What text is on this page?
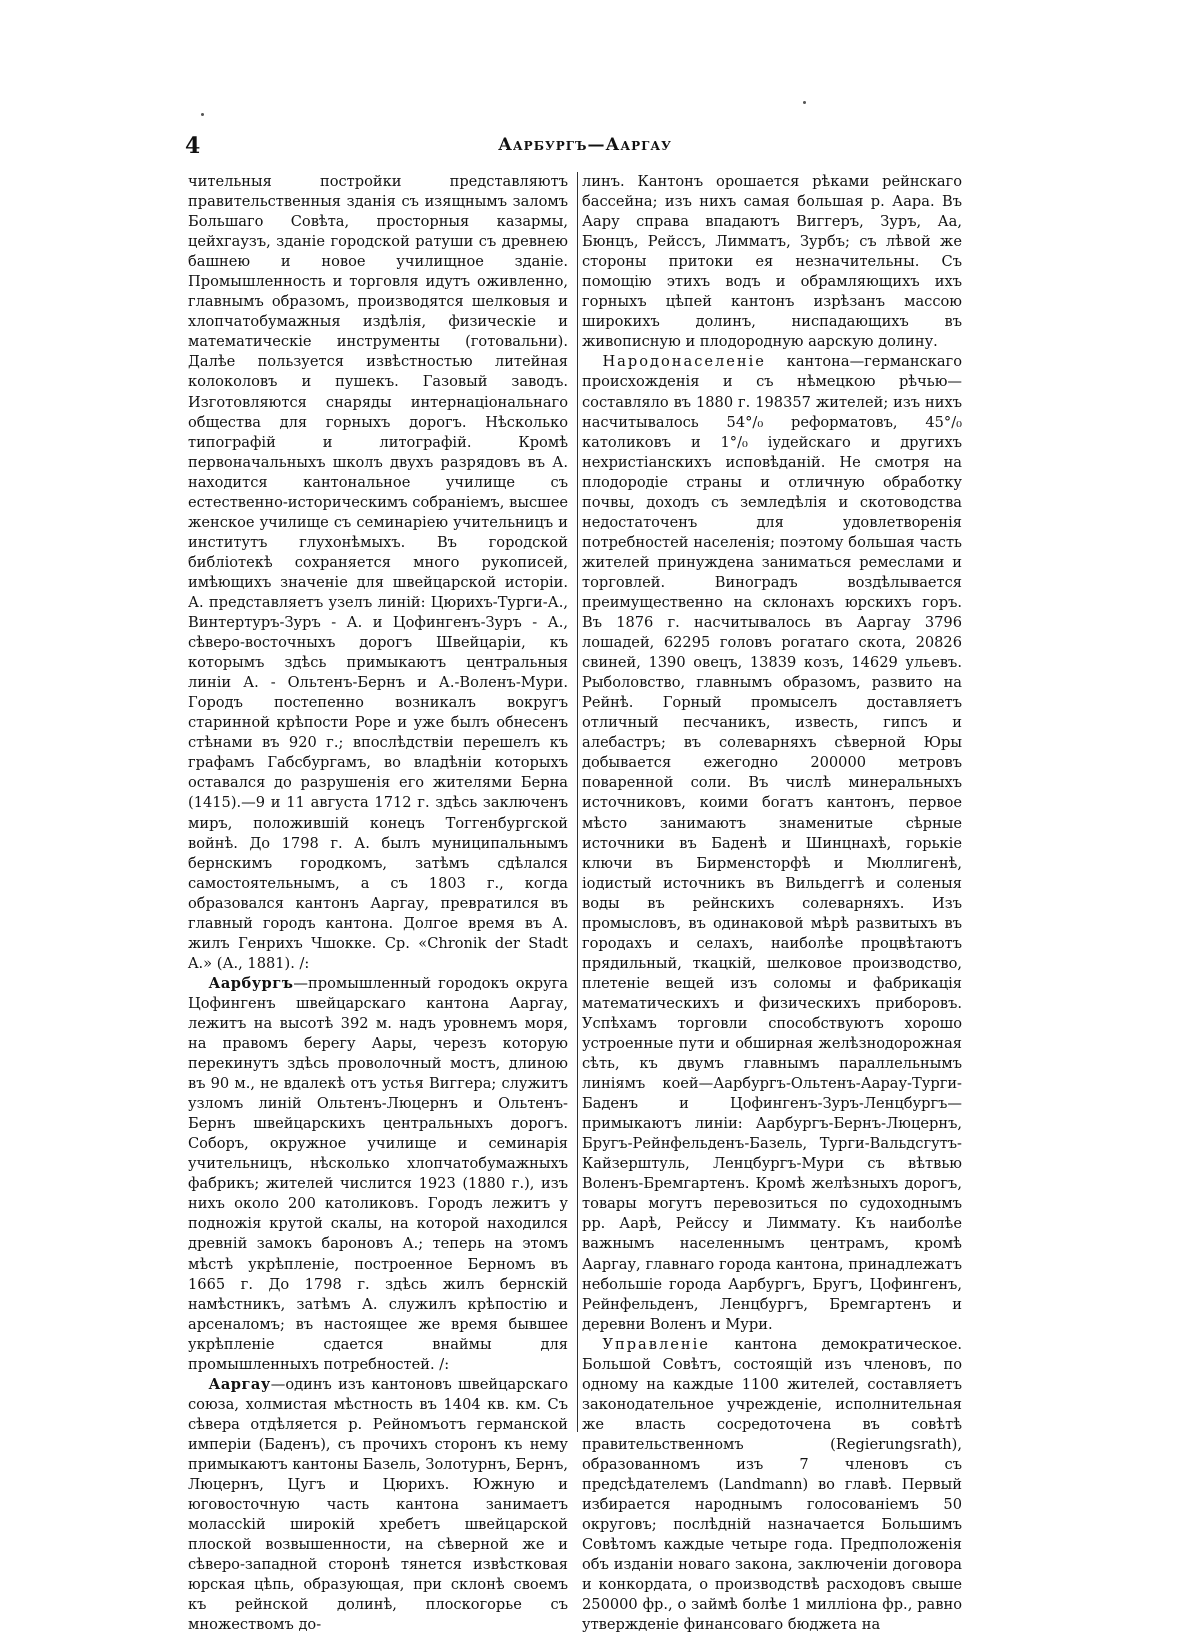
4	Аарбургъ—Ааргау

чительныя постройки представляютъ правительственныя зданія съ изящнымъ заломъ Большаго Совѣта, просторныя казармы, цейхгаузъ, зданіе городской ратуши съ древнею башнею и новое училищное зданіе. Промышленность и торговля идутъ оживленно, главнымъ образомъ, производятся шелковыя и хлопчатобумажныя издѣлія, физическіе и математическіе инструменты (готовальни). Далѣе пользуется извѣстностью литейная колоколовъ и пушекъ. Газовый заводъ. Изготовляются снаряды интернаціональнаго общества для горныхъ дорогъ. Нѣсколько типографій и литографій. Кромѣ первоначальныхъ школъ двухъ разрядовъ въ А. находится кантональное училище съ естественно-историческимъ собраніемъ, высшее женское училище съ семинаріею учительницъ и институтъ глухонѣмыхъ. Въ городской библіотекѣ сохраняется много рукописей, имѣющихъ значеніе для швейцарской исторіи. А. представляетъ узелъ линій: Цюрихъ-Турги-А., Винтертуръ-Зуръ - А. и Цофингенъ-Зуръ - А., сѣверо-восточныхъ дорогъ Швейцаріи, къ которымъ здѣсь примыкаютъ центральныя линіи А. - Ольтенъ-Бернъ и А.-Воленъ-Мури. Городъ постепенно возникалъ вокругъ старинной крѣпости Pope и уже былъ обнесенъ стѣнами въ 920 г.; впослѣдствіи перешелъ къ графамъ Габсбургамъ, во владѣніи которыхъ оставался до разрушенія его жителями Берна (1415).—9 и 11 августа 1712 г. здѣсь заключенъ миръ, положившій конецъ Тоггенбургской войнѣ. До 1798 г. А. былъ муниципальнымъ бернскимъ городкомъ, затѣмъ сдѣлался самостоятельнымъ, а съ 1803 г., когда образовался кантонъ Ааргау, превратился въ главный городъ кантона. Долгое время въ А. жилъ Генрихъ Чшокке. Ср. «Chronik der Stadt A.» (А., 1881). /:

Аарбургъ—промышленный городокъ округа Цофингенъ швейцарскаго кантона Ааргау, лежитъ на высотѣ 392 м. надъ уровнемъ моря, на правомъ берегу Аары, черезъ которую перекинутъ здѣсь проволочный мостъ, длиною въ 90 м., не вдалекѣ отъ устья Виггера; служитъ узломъ линій Ольтенъ-Люцернъ и Ольтенъ-Бернъ швейцарскихъ центральныхъ дорогъ. Соборъ, окружное училище и семинарія учительницъ, нѣсколько хлопчатобумажныхъ фабрикъ; жителей числится 1923 (1880 г.), изъ нихъ около 200 католиковъ. Городъ лежитъ у подножія крутой скалы, на которой находился древній замокъ бароновъ А.; теперь на этомъ мѣстѣ укрѣпленіе, построенное Берномъ въ 1665 г. До 1798 г. здѣсь жилъ бернскій намѣстникъ, затѣмъ А. служилъ крѣпостію и арсеналомъ; въ настоящее же время бывшее укрѣпленіе сдается внаймы для промышленныхъ потребностей. /:

Ааргау—одинъ изъ кантоновъ швейцарскаго союза, холмистая мѣстность въ 1404 кв. км. Съ сѣвера отдѣляется р. Рейномъотъ германской имперіи (Баденъ), съ прочихъ сторонъ къ нему примыкаютъ кантоны Базель, Золотурнъ, Бернъ, Люцернъ, Цугъ и Цюрихъ. Южную и юговосточную часть кантона занимаетъ молассkій широкій хребетъ швейцарской плоской возвышенности, на сѣверной же и сѣверо-западной сторонѣ тянется извѣстковая юрская цѣпь, образующая, при склонѣ своемъ къ рейнской долинѣ, плоскогорье съ множествомъ до-

линъ. Кантонъ орошается рѣками рейнскаго бассейна; изъ нихъ самая большая р. Аара. Въ Аару справа впадаютъ Виггеръ, Зуръ, Аа, Бюнцъ, Рейссъ, Лимматъ, Зурбъ; съ лѣвой же стороны притоки ея незначительны. Съ помощію этихъ водъ и обрамляющихъ ихъ горныхъ цѣпей кантонъ изрѣзанъ массою широкихъ долинъ, ниспадающихъ въ живописную и плодородную аарскую долину.

Народонаселеніе кантона—германскаго происхожденія и съ нѣмецкою рѣчью—составляло въ 1880 г. 198357 жителей; изъ нихъ насчитывалось 54°/₀ реформатовъ, 45°/₀ католиковъ и 1°/₀ іудейскаго и другихъ нехристіанскихъ исповѣданій. Не смотря на плодородіе страны и отличную обработку почвы, доходъ съ земледѣлія и скотоводства недостаточенъ для удовлетворенія потребностей населенія; поэтому большая часть жителей принуждена заниматься ремеслами и торговлей. Виноградъ воздѣлывается преимущественно на склонахъ юрскихъ горъ. Въ 1876 г. насчитывалось въ Ааргау 3796 лошадей, 62295 головъ рогатаго скота, 20826 свиней, 1390 овецъ, 13839 козъ, 14629 ульевъ. Рыболовство, главнымъ образомъ, развито на Рейнѣ. Горный промыселъ доставляетъ отличный песчаникъ, известь, гипсъ и алебастръ; въ солеварняхъ сѣверной Юры добывается ежегодно 200000 метровъ поваренной соли. Въ числѣ минеральныхъ источниковъ, коими богатъ кантонъ, первое мѣсто занимаютъ знаменитые сѣрные источники въ Баденѣ и Шинцнахѣ, горькіе ключи въ Бирменсторфѣ и Мюллигенѣ, іодистый источникъ въ Вильдеггѣ и соленыя воды въ рейнскихъ солеварняхъ. Изъ промысловъ, въ одинаковой мѣрѣ развитыхъ въ городахъ и селахъ, наиболѣе процвѣтаютъ прядильный, ткацкій, шелковое производство, плетеніе вещей изъ соломы и фабрикація математическихъ и физическихъ приборовъ. Успѣхамъ торговли способствуютъ хорошо устроенные пути и обширная желѣзнодорожная сѣть, къ двумъ главнымъ параллельнымъ линіямъ коей—Аарбургъ-Ольтенъ-Аарау-Турги-Баденъ и Цофингенъ-Зуръ-Ленцбургъ—примыкаютъ линіи: Аарбургъ-Бернъ-Люцернъ, Бругъ-Рейнфельденъ-Базель, Турги-Вальдсгутъ-Кайзерштуль, Ленцбургъ-Мури съ вѣтвью Воленъ-Бремгартенъ. Кромѣ желѣзныхъ дорогъ, товары могутъ перевозиться по судоходнымъ рр. Аарѣ, Рейссу и Лиммату. Къ наиболѣе важнымъ населеннымъ центрамъ, кромѣ Ааргау, главнаго города кантона, принадлежатъ небольшіе города Аарбургъ, Бругъ, Цофингенъ, Рейнфельденъ, Ленцбургъ, Бремгартенъ и деревни Воленъ и Мури.

Управленіе кантона демократическое. Большой Совѣтъ, состоящій изъ членовъ, по одному на каждые 1100 жителей, составляетъ законодательное учрежденіе, исполнительная же власть сосредоточена въ совѣтѣ правительственномъ (Regierungsrath), образованномъ изъ 7 членовъ съ предсѣдателемъ (Landmann) во главѣ. Первый избирается народнымъ голосованіемъ 50 округовъ; послѣдній назначается Большимъ Совѣтомъ каждые четыре года. Предположенія объ изданіи новаго закона, заключеніи договора и конкордата, о производствѣ расходовъ свыше 250000 фр., о займѣ болѣе 1 милліона фр., равно утвержденіе финансоваго бюджета на
